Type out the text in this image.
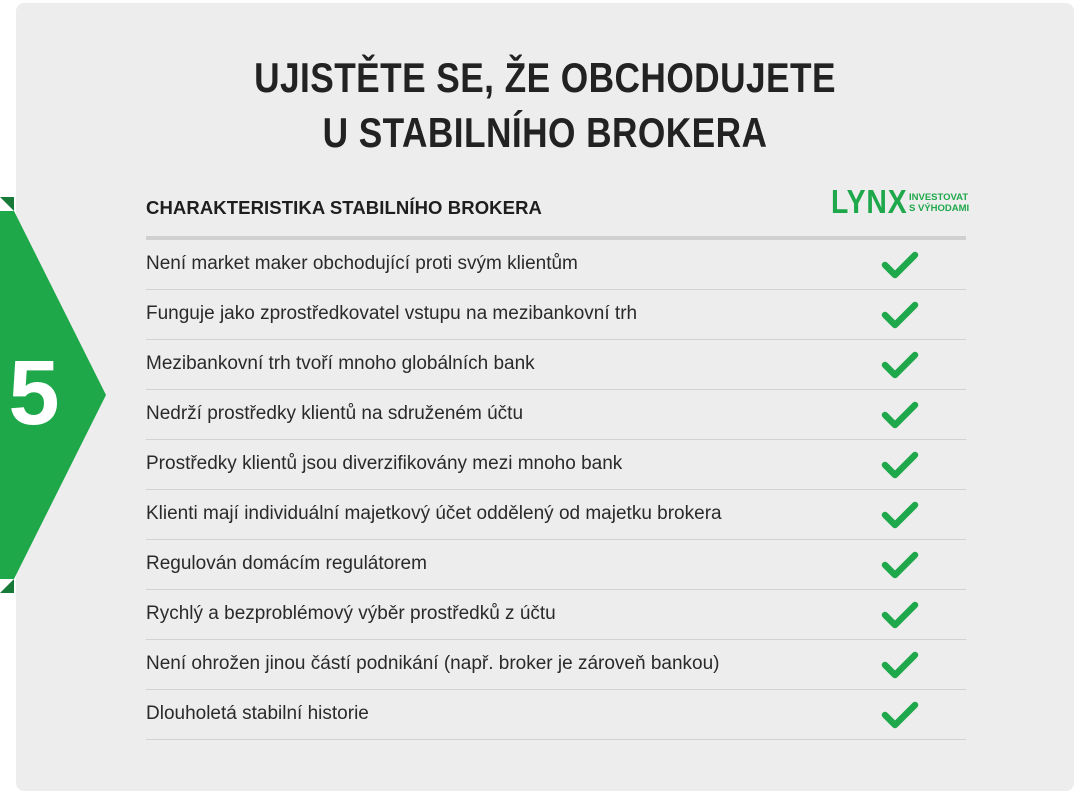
UJISTĚTE SE, ŽE OBCHODUJETE
U STABILNÍHO BROKERA
5
CHARAKTERISTIKA STABILNÍHO BROKERA	LYNX INVESTOVAT
S VÝHODAMI
Není market maker obchodující proti svým klientům
Funguje jako zprostředkovatel vstupu na mezibankovní trh
Mezibankovní trh tvoří mnoho globálních bank
Nedrží prostředky klientů na sdruženém účtu
Prostředky klientů jsou diverzifikovány mezi mnoho bank
Klienti mají individuální majetkový účet oddělený od majetku brokera
Regulován domácím regulátorem
Rychlý a bezproblémový výběr prostředků z účtu
Není ohrožen jinou částí podnikání (např. broker je zároveň bankou)
Dlouholetá stabilní historie
